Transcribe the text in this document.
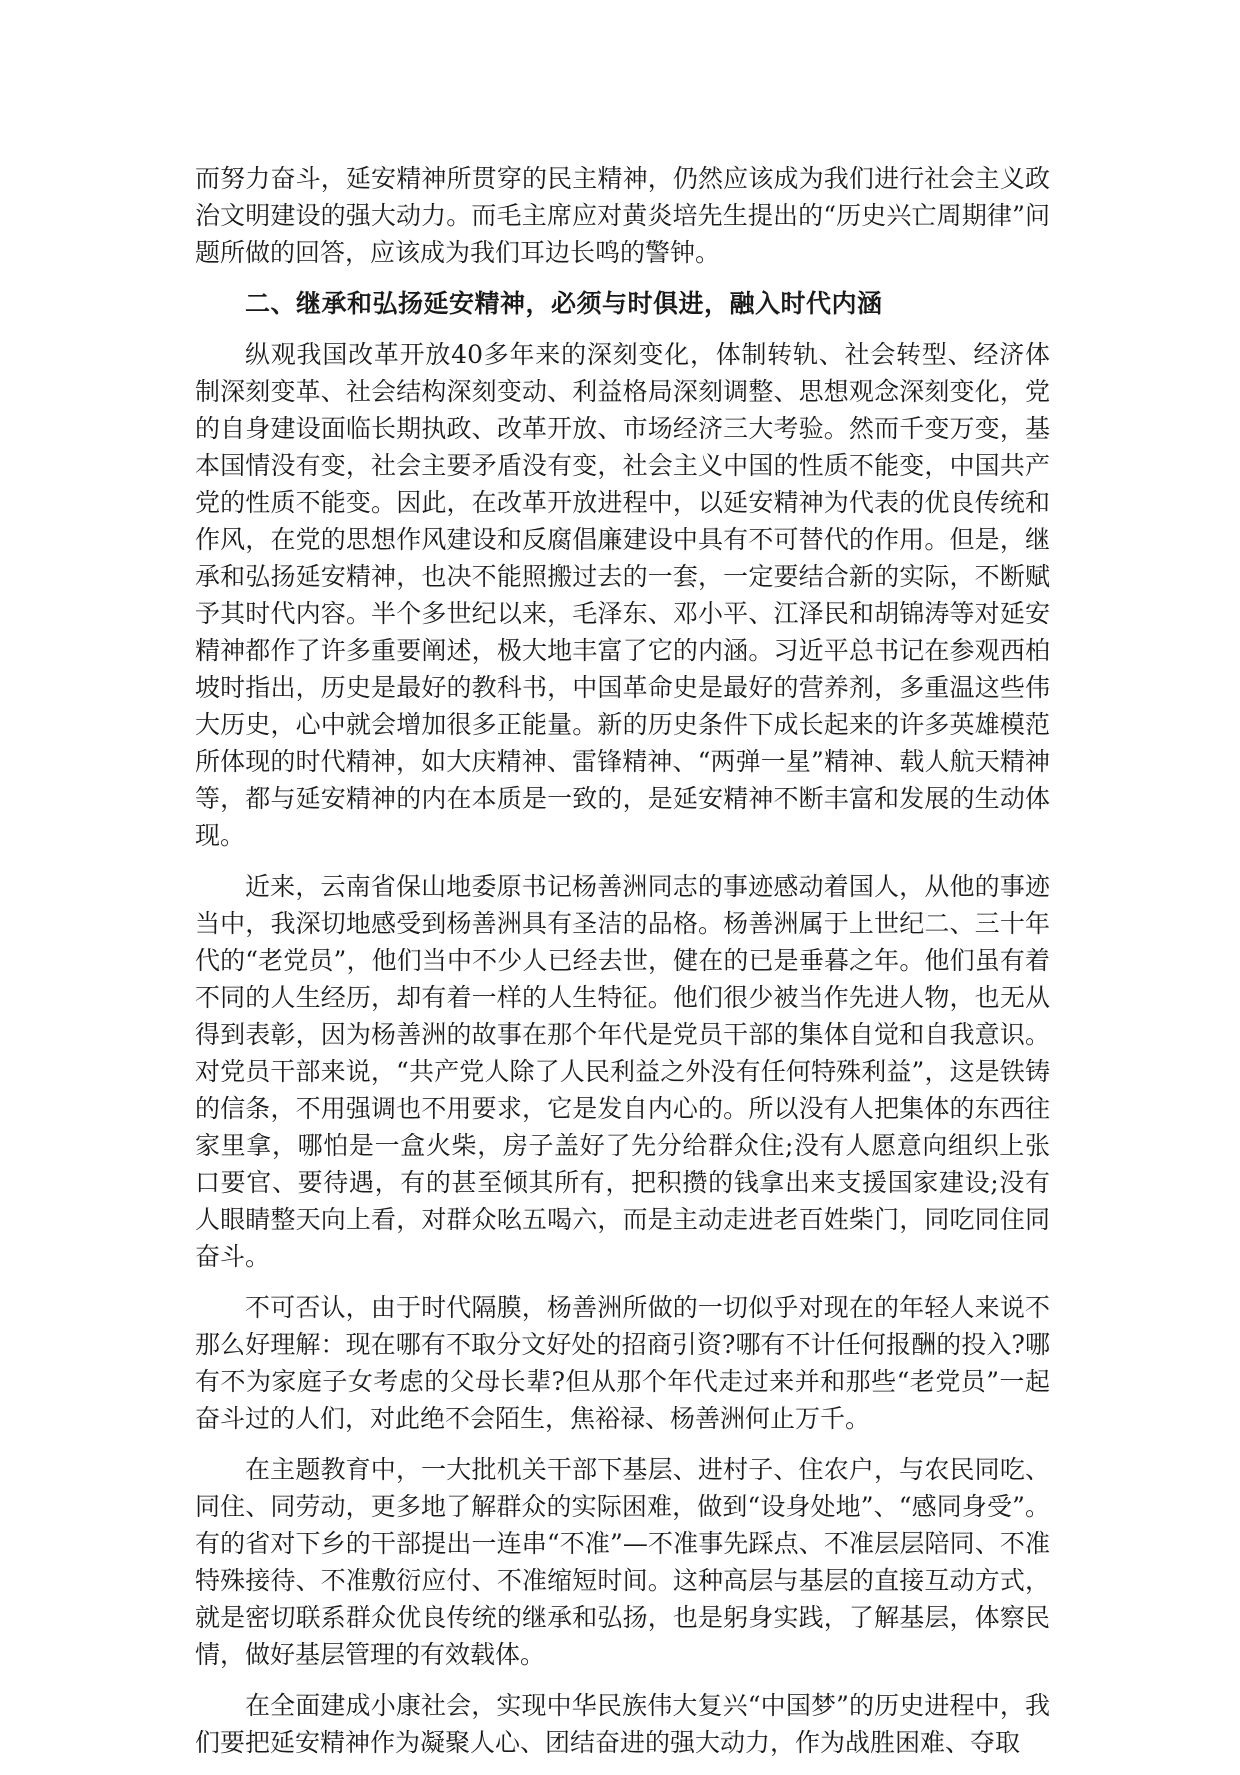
而努力奋斗，延安精神所贯穿的民主精神，仍然应该成为我们进行社会主义政治文明建设的强大动力。而毛主席应对黄炎培先生提出的“历史兴亡周期律”问题所做的回答，应该成为我们耳边长鸣的警钟。

二、继承和弘扬延安精神，必须与时俱进，融入时代内涵

纵观我国改革开放40多年来的深刻变化，体制转轨、社会转型、经济体制深刻变革、社会结构深刻变动、利益格局深刻调整、思想观念深刻变化，党的自身建设面临长期执政、改革开放、市场经济三大考验。然而千变万变，基本国情没有变，社会主要矛盾没有变，社会主义中国的性质不能变，中国共产党的性质不能变。因此，在改革开放进程中，以延安精神为代表的优良传统和作风，在党的思想作风建设和反腐倡廉建设中具有不可替代的作用。但是，继承和弘扬延安精神，也决不能照搬过去的一套，一定要结合新的实际，不断赋予其时代内容。半个多世纪以来，毛泽东、邓小平、江泽民和胡锦涛等对延安精神都作了许多重要阐述，极大地丰富了它的内涵。习近平总书记在参观西柏坡时指出，历史是最好的教科书，中国革命史是最好的营养剂，多重温这些伟大历史，心中就会增加很多正能量。新的历史条件下成长起来的许多英雄模范所体现的时代精神，如大庆精神、雷锋精神、“两弹一星”精神、载人航天精神等，都与延安精神的内在本质是一致的，是延安精神不断丰富和发展的生动体现。

近来，云南省保山地委原书记杨善洲同志的事迹感动着国人，从他的事迹当中，我深切地感受到杨善洲具有圣洁的品格。杨善洲属于上世纪二、三十年代的“老党员”，他们当中不少人已经去世，健在的已是垂暮之年。他们虽有着不同的人生经历，却有着一样的人生特征。他们很少被当作先进人物，也无从得到表彰，因为杨善洲的故事在那个年代是党员干部的集体自觉和自我意识。对党员干部来说，“共产党人除了人民利益之外没有任何特殊利益”，这是铁铸的信条，不用强调也不用要求，它是发自内心的。所以没有人把集体的东西往家里拿，哪怕是一盒火柴，房子盖好了先分给群众住;没有人愿意向组织上张口要官、要待遇，有的甚至倾其所有，把积攒的钱拿出来支援国家建设;没有人眼睛整天向上看，对群众吆五喝六，而是主动走进老百姓柴门，同吃同住同奋斗。

不可否认，由于时代隔膜，杨善洲所做的一切似乎对现在的年轻人来说不那么好理解：现在哪有不取分文好处的招商引资?哪有不计任何报酬的投入?哪有不为家庭子女考虑的父母长辈?但从那个年代走过来并和那些“老党员”一起奋斗过的人们，对此绝不会陌生，焦裕禄、杨善洲何止万千。

在主题教育中，一大批机关干部下基层、进村子、住农户，与农民同吃、同住、同劳动，更多地了解群众的实际困难，做到“设身处地”、“感同身受”。有的省对下乡的干部提出一连串“不准”—不准事先踩点、不准层层陪同、不准特殊接待、不准敷衍应付、不准缩短时间。这种高层与基层的直接互动方式，就是密切联系群众优良传统的继承和弘扬，也是躬身实践，了解基层，体察民情，做好基层管理的有效载体。

在全面建成小康社会，实现中华民族伟大复兴“中国梦”的历史进程中，我们要把延安精神作为凝聚人心、团结奋进的强大动力，作为战胜困难、夺取
